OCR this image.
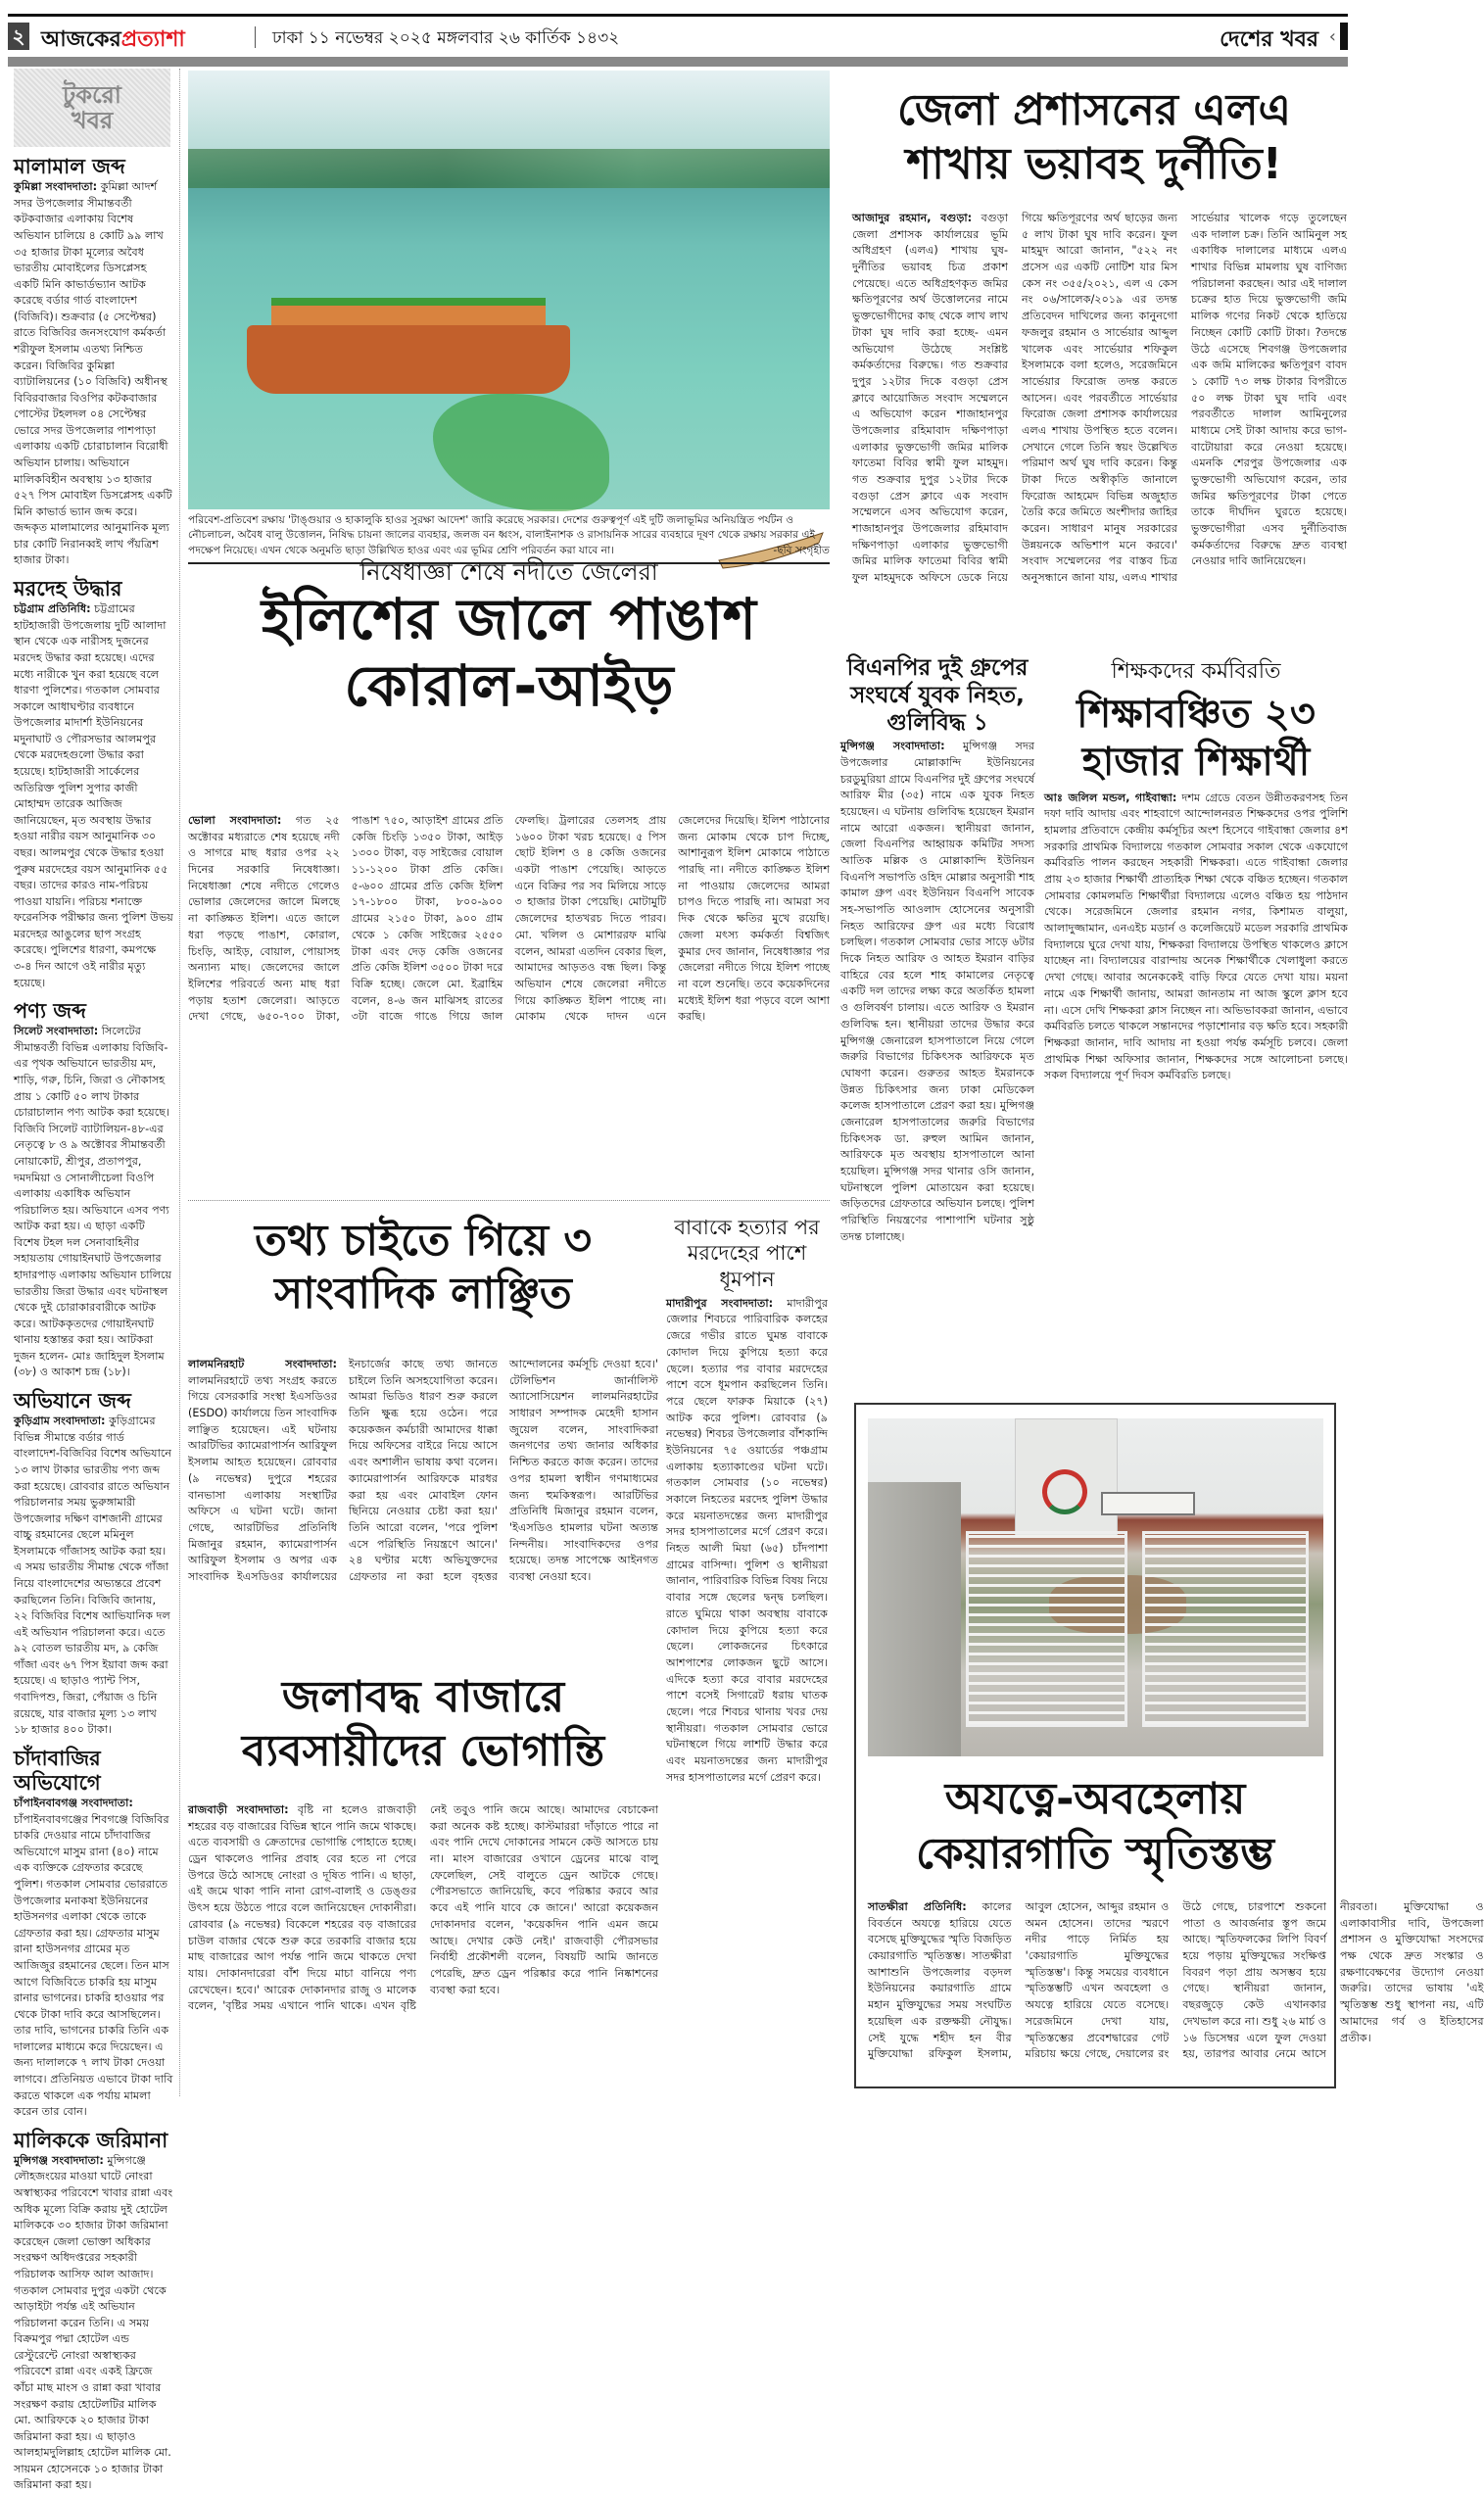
২ আজকেরপ্রত্যাশা	ঢাকা ১১ নভেম্বর ২০২৫ মঙ্গলবার ২৬ কার্তিক ১৪৩২	দেশের খবর ‹
টুকরো
খবর
মালামাল জব্দ

কুমিল্লা সংবাদদাতা: কুমিল্লা আদর্শ সদর উপজেলার সীমান্তবর্তী কটকবাজার এলাকায় বিশেষ অভিযান চালিয়ে ৪ কোটি ৯৯ লাখ ৩৫ হাজার টাকা মূল্যের অবৈধ ভারতীয় মোবাইলের ডিসপ্লেসহ একটি মিনি কাভার্ডভ্যান আটক করেছে বর্ডার গার্ড বাংলাদেশ (বিজিবি)। শুক্রবার (৫ সেপ্টেম্বর) রাতে বিজিবির জনসংযোগ কর্মকর্তা শরীফুল ইসলাম এতথ্য নিশ্চিত করেন। বিজিবির কুমিল্লা ব্যাটালিয়নের (১০ বিজিবি) অধীনস্থ বিবিরবাজার বিওপির কটকবাজার পোস্টের টহলদল ০৪ সেপ্টেম্বর ভোরে সদর উপজেলার পাশপাড়া এলাকায় একটি চোরাচালান বিরোধী অভিযান চালায়। অভিযানে মালিকবিহীন অবস্থায় ১৩ হাজার ৫২৭ পিস মোবাইল ডিসপ্লেসহ একটি মিনি কাভার্ড ভ্যান জব্দ করে। জব্দকৃত মালামালের আনুমানিক মূল্য চার কোটি নিরানব্বই লাখ পঁয়ত্রিশ হাজার টাকা।

মরদেহ উদ্ধার

চট্টগ্রাম প্রতিনিধি: চট্টগ্রামের হাটহাজারী উপজেলায় দুটি আলাদা স্থান থেকে এক নারীসহ দুজনের মরদেহ উদ্ধার করা হয়েছে। এদের মধ্যে নারীকে খুন করা হয়েছে বলে ধারণা পুলিশের। গতকাল সোমবার সকালে আধাঘণ্টার ব্যবধানে উপজেলার মাদার্শা ইউনিয়নের মদুনাঘাট ও পৌরসভার আলমপুর থেকে মরদেহগুলো উদ্ধার করা হয়েছে। হাটহাজারী সার্কেলের অতিরিক্ত পুলিশ সুপার কাজী মোহাম্মদ তারেক আজিজ জানিয়েছেন, মৃত অবস্থায় উদ্ধার হওয়া নারীর বয়স আনুমানিক ৩০ বছর। আলমপুর থেকে উদ্ধার হওয়া পুরুষ মরদেহের বয়স আনুমানিক ৫৫ বছর। তাদের কারও নাম-পরিচয় পাওয়া যায়নি। পরিচয় শনাক্তে ফরেনসিক পরীক্ষার জন্য পুলিশ উভয় মরদেহর আঙুলের ছাপ সংগ্রহ করেছে। পুলিশের ধারণা, কমপক্ষে ৩-৪ দিন আগে ওই নারীর মৃত্যু হয়েছে।

পণ্য জব্দ

সিলেট সংবাদদাতা: সিলেটের সীমান্তবর্তী বিভিন্ন এলাকায় বিজিবি-এর পৃথক অভিযানে ভারতীয় মদ, শাড়ি, গরু, চিনি, জিরা ও নৌকাসহ প্রায় ১ কোটি ৫০ লাখ টাকার চোরাচালান পণ্য আটক করা হয়েছে। বিজিবি সিলেট ব্যাটালিয়ন-৪৮-এর নেতৃত্বে ৮ ও ৯ অক্টোবর সীমান্তবর্তী নোয়াকোট, শ্রীপুর, প্রতাপপুর, দমদমিয়া ও সোনালীচেলা বিওপি এলাকায় একাধিক অভিযান পরিচালিত হয়। অভিযানে এসব পণ্য আটক করা হয়। এ ছাড়া একটি বিশেষ টহল দল সেনাবাহিনীর সহায়তায় গোয়াইনঘাট উপজেলার হাদারপাড় এলাকায় অভিযান চালিয়ে ভারতীয় জিরা উদ্ধার এবং ঘটনাস্থল থেকে দুই চোরাকারবারীকে আটক করে। আটককৃতদের গোয়াইনঘাট থানায় হস্তান্তর করা হয়। আটকরা দুজন হলেন- মোঃ জাহিদুল ইসলাম (৩৮) ও আকাশ চন্দ্র (১৮)।

অভিযানে জব্দ

কুড়িগ্রাম সংবাদদাতা: কুড়িগ্রামের বিভিন্ন সীমান্তে বর্ডার গার্ড বাংলাদেশ-বিজিবির বিশেষ অভিযানে ১৩ লাখ টাকার ভারতীয় পণ্য জব্দ করা হয়েছে। রোববার রাতে অভিযান পরিচালনার সময় ভুরুঙ্গামারী উপজেলার দক্ষিণ বাশজানী গ্রামের বাচ্চু রহমানের ছেলে মমিনুল ইসলামকে গাঁজাসহ আটক করা হয়। এ সময় ভারতীয় সীমান্ত থেকে গাঁজা নিয়ে বাংলাদেশের অভ্যন্তরে প্রবেশ করছিলেন তিনি। বিজিবি জানায়, ২২ বিজিবির বিশেষ আভিযানিক দল এই অভিযান পরিচালনা করে। এতে ৯২ বোতল ভারতীয় মদ, ৯ কেজি গাঁজা এবং ৬৭ পিস ইয়াবা জব্দ করা হয়েছে। এ ছাড়াও প্যান্ট পিস, গবাদিপশু, জিরা, পেঁয়াজ ও চিনি রয়েছে, যার বাজার মূল্য ১৩ লাখ ১৮ হাজার ৪০০ টাকা।

চাঁদাবাজির অভিযোগে

চাঁপাইনবাবগঞ্জ সংবাদদাতা: চাঁপাইনবাবগঞ্জের শিবগঞ্জে বিজিবির চাকরি দেওয়ার নামে চাঁদাবাজির অভিযোগে মাসুম রানা (৪০) নামে এক ব্যক্তিকে গ্রেফতার করেছে পুলিশ। গতকাল সোমবার ভোররাতে উপজেলার মনাকষা ইউনিয়নের হাউসনগর এলাকা থেকে তাকে গ্রেফতার করা হয়। গ্রেফতার মাসুম রানা হাউসনগর গ্রামের মৃত আজিজুর রহমানের ছেলে। তিন মাস আগে বিজিবিতে চাকরি হয় মাসুম রানার ভাগনের। চাকরি হাওয়ার পর থেকে টাকা দাবি করে আসছিলেন। তার দাবি, ভাগনের চাকরি তিনি এক দালালের মাধ্যমে করে দিয়েছেন। এ জন্য দালালকে ৭ লাখ টাকা দেওয়া লাগবে। প্রতিনিয়ত এভাবে টাকা দাবি করতে থাকলে এক পর্যায় মামলা করেন তার বোন।

মালিককে জরিমানা

মুন্সিগঞ্জ সংবাদদাতা: মুন্সিগঞ্জে লৌহজংয়ের মাওয়া ঘাটে নোংরা অস্বাস্থ্যকর পরিবেশে খাবার রান্না এবং অধিক মূল্যে বিক্রি করায় দুই হোটেল মালিককে ৩০ হাজার টাকা জরিমানা করেছেন জেলা ভোক্তা অধিকার সংরক্ষণ অধিদপ্তরের সহকারী পরিচালক আসিফ আল আজাদ। গতকাল সোমবার দুপুর একটা থেকে আড়াইটা পর্যন্ত এই অভিযান পরিচালনা করেন তিনি। এ সময় বিক্রমপুর পদ্মা হোটেল এন্ড রেস্টুরেন্টে নোংরা অস্বাস্থ্যকর পরিবেশে রান্না এবং একই ফ্রিজে কাঁচা মাছ মাংস ও রান্না করা খাবার সংরক্ষণ করায় হোটেলটির মালিক মো. আরিফকে ২০ হাজার টাকা জরিমানা করা হয়। এ ছাড়াও আলহামদুলিল্লাহ হোটেল মালিক মো. সায়মন হোসেনকে ১০ হাজার টাকা জরিমানা করা হয়।

পরিবেশ-প্রতিবেশ রক্ষায় 'টাঙ্গুয়ার ও হাকালুকি হাওর সুরক্ষা আদেশ' জারি করেছে সরকার। দেশের গুরুত্বপূর্ণ এই দুটি জলাভূমির অনিয়ন্ত্রিত পর্যটন ও নৌচলাচল, অবৈধ বালু উত্তোলন, নিষিদ্ধ চায়না জালের ব্যবহার, জলজ বন ধ্বংস, বালাইনাশক ও রাসায়নিক সারের ব্যবহারে দূষণ থেকে রক্ষায় সরকার এই পদক্ষেপ নিয়েছে। এখন থেকে অনুমতি ছাড়া উল্লিখিত হাওর এবং এর ভূমির শ্রেণি পরিবর্তন করা যাবে না।	-ছবি সংগৃহীত
নিষেধাজ্ঞা শেষে নদীতে জেলেরা
ইলিশের জালে পাঙাশ কোরাল-আইড়
ভোলা সংবাদদাতা: গত ২৫ অক্টোবর মধ্যরাতে শেষ হয়েছে নদী ও সাগরে মাছ ধরার ওপর ২২ দিনের সরকারি নিষেধাজ্ঞা। নিষেধাজ্ঞা শেষে নদীতে গেলেও ভোলার জেলেদের জালে মিলছে না কাঙ্ক্ষিত ইলিশ। এতে জালে ধরা পড়ছে পাঙাশ, কোরাল, চিংড়ি, আইড়, বোয়াল, পোয়াসহ অন্যান্য মাছ। জেলেদের জালে ইলিশের পরিবর্তে অন্য মাছ ধরা পড়ায় হতাশ জেলেরা। আড়তে দেখা গেছে, ৬৫০-৭০০ টাকা, পাঙাশ ৭৫০, আড়াইশ গ্রামের প্রতি কেজি চিংড়ি ১৩৫০ টাকা, আইড় ১৩০০ টাকা, বড় সাইজের বোয়াল ১১-১২০০ টাকা প্রতি কেজি। ৫-৬০০ গ্রামের প্রতি কেজি ইলিশ ১৭-১৮০০ টাকা, ৮০০-৯০০ গ্রামের ২১৫০ টাকা, ৯০০ গ্রাম থেকে ১ কেজি সাইজের ২৫৫০ টাকা এবং দেড় কেজি ওজনের প্রতি কেজি ইলিশ ৩৫০০ টাকা দরে বিক্রি হচ্ছে। জেলে মো. ইব্রাহিম বলেন, ৪-৬ জন মাঝিসহ রাতের ৩টা বাজে গাঙে গিয়ে জাল ফেলছি। ট্রলারের তেলসহ প্রায় ১৬০০ টাকা খরচ হয়েছে। ৫ পিস ছোট ইলিশ ও ৪ কেজি ওজনের একটা পাঙাশ পেয়েছি। আড়তে এনে বিক্রির পর সব মিলিয়ে সাড়ে ৩ হাজার টাকা পেয়েছি। মোটামুটি জেলেদের হাতখরচ দিতে পারব। মো. খলিল ও মোশাররফ মাঝি বলেন, আমরা এতদিন বেকার ছিল, আমাদের আড়তও বন্ধ ছিল। কিন্তু অভিযান শেষে জেলেরা নদীতে গিয়ে কাঙ্ক্ষিত ইলিশ পাচ্ছে না। মোকাম থেকে দাদন এনে জেলেদের দিয়েছি। ইলিশ পাঠানোর জন্য মোকাম থেকে চাপ দিচ্ছে, আশানুরূপ ইলিশ মোকামে পাঠাতে পারছি না। নদীতে কাঙ্ক্ষিত ইলিশ না পাওয়ায় জেলেদের আমরা চাপও দিতে পারছি না। আমরা সব দিক থেকে ক্ষতির মুখে রয়েছি। জেলা মৎস্য কর্মকর্তা বিশ্বজিৎ কুমার দেব জানান, নিষেধাজ্ঞার পর জেলেরা নদীতে গিয়ে ইলিশ পাচ্ছে না বলে শুনেছি। তবে কয়েকদিনের মধ্যেই ইলিশ ধরা পড়বে বলে আশা করছি।
তথ্য চাইতে গিয়ে ৩ সাংবাদিক লাঞ্ছিত
লালমনিরহাট সংবাদদাতা: লালমনিরহাটে তথ্য সংগ্রহ করতে গিয়ে বেসরকারি সংস্থা ইএসডিওর (ESDO) কার্যালয়ে তিন সাংবাদিক লাঞ্ছিত হয়েছেন। এই ঘটনায় আরটিভির ক্যামেরাপার্সন আরিফুল ইসলাম আহত হয়েছেন। রোববার (৯ নভেম্বর) দুপুরে শহরের বানভাসা এলাকায় সংস্থাটির অফিসে এ ঘটনা ঘটে। জানা গেছে, আরটিভির প্রতিনিধি মিজানুর রহমান, ক্যামেরাপার্সন আরিফুল ইসলাম ও অপর এক সাংবাদিক ইএসডিওর কার্যালয়ের ইনচার্জের কাছে তথ্য জানতে চাইলে তিনি অসহযোগিতা করেন। আমরা ভিডিও ধারণ শুরু করলে তিনি ক্ষুব্ধ হয়ে ওঠেন। পরে কয়েকজন কর্মচারী আমাদের ধাক্কা দিয়ে অফিসের বাইরে নিয়ে আসে এবং অশালীন ভাষায় কথা বলেন। ক্যামেরাপার্সন আরিফকে মারধর করা হয় এবং মোবাইল ফোন ছিনিয়ে নেওয়ার চেষ্টা করা হয়।' তিনি আরো বলেন, 'পরে পুলিশ এসে পরিস্থিতি নিয়ন্ত্রণে আনে।' ২৪ ঘণ্টার মধ্যে অভিযুক্তদের গ্রেফতার না করা হলে বৃহত্তর আন্দোলনের কর্মসূচি দেওয়া হবে।' টেলিভিশন জার্নালিস্ট অ্যাসোসিয়েশন লালমনিরহাটের সাধারণ সম্পাদক মেহেদী হাসান জুয়েল বলেন, সাংবাদিকরা জনগণের তথ্য জানার অধিকার নিশ্চিত করতে কাজ করেন। তাদের ওপর হামলা স্বাধীন গণমাধ্যমের জন্য হুমকিস্বরূপ। আরটিভির প্রতিনিধি মিজানুর রহমান বলেন, 'ইএসডিও হামলার ঘটনা অত্যন্ত নিন্দনীয়। সাংবাদিকদের ওপর হয়েছে। তদন্ত সাপেক্ষে আইনগত ব্যবস্থা নেওয়া হবে।
বাবাকে হত্যার পর মরদেহের পাশে ধূমপান

মাদারীপুর সংবাদদাতা: মাদারীপুর জেলার শিবচরে পারিবারিক কলহের জেরে গভীর রাতে ঘুমন্ত বাবাকে কোদাল দিয়ে কুপিয়ে হত্যা করে ছেলে। হত্যার পর বাবার মরদেহের পাশে বসে ধূমপান করছিলেন তিনি। পরে ছেলে ফারুক মিয়াকে (২৭) আটক করে পুলিশ। রোববার (৯ নভেম্বর) শিবচর উপজেলার বাঁশকান্দি ইউনিয়নের ৭৫ ওয়ার্ডের পঞ্চগ্রাম এলাকায় হত্যাকাণ্ডের ঘটনা ঘটে। গতকাল সোমবার (১০ নভেম্বর) সকালে নিহতের মরদেহ পুলিশ উদ্ধার করে ময়নাতদন্তের জন্য মাদারীপুর সদর হাসপাতালের মর্গে প্রেরণ করে। নিহত আলী মিয়া (৬৫) চাঁদপাশা গ্রামের বাসিন্দা। পুলিশ ও স্থানীয়রা জানান, পারিবারিক বিভিন্ন বিষয় নিয়ে বাবার সঙ্গে ছেলের দ্বন্দ্ব চলছিল। রাতে ঘুমিয়ে থাকা অবস্থায় বাবাকে কোদাল দিয়ে কুপিয়ে হত্যা করে ছেলে। লোকজনের চিৎকারে আশপাশের লোকজন ছুটে আসে। এদিকে হত্যা করে বাবার মরদেহের পাশে বসেই সিগারেট ধরায় ঘাতক ছেলে। পরে শিবচর থানায় খবর দেয় স্থানীয়রা। গতকাল সোমবার ভোরে ঘটনাস্থলে গিয়ে লাশটি উদ্ধার করে এবং ময়নাতদন্তের জন্য মাদারীপুর সদর হাসপাতালের মর্গে প্রেরণ করে।

জলাবদ্ধ বাজারে ব্যবসায়ীদের ভোগান্তি
রাজবাড়ী সংবাদদাতা: বৃষ্টি না হলেও রাজবাড়ী শহরের বড় বাজারের বিভিন্ন স্থানে পানি জমে থাকছে। এতে ব্যবসায়ী ও ক্রেতাদের ভোগান্তি পোহাতে হচ্ছে। ড্রেন থাকলেও পানির প্রবাহ বের হতে না পেরে উপরে উঠে আসছে নোংরা ও দূষিত পানি। এ ছাড়া, এই জমে থাকা পানি নানা রোগ-বালাই ও ডেঙ্গুর উৎস হয়ে উঠতে পারে বলে জানিয়েছেন দোকানীরা। রোববার (৯ নভেম্বর) বিকেলে শহরের বড় বাজারের চাউল বাজার থেকে শুরু করে তরকারি বাজার হয়ে মাছ বাজারের আগ পর্যন্ত পানি জমে থাকতে দেখা যায়। দোকানদারেরা বাঁশ দিয়ে মাচা বানিয়ে পণ্য রেখেছেন। হবে।' আরেক দোকানদার রাজু ও মালেক বলেন, 'বৃষ্টির সময় এখানে পানি থাকে। এখন বৃষ্টি নেই তবুও পানি জমে আছে। আমাদের বেচাকেনা করা অনেক কষ্ট হচ্ছে। কাস্টমাররা দাঁড়াতে পারে না এবং পানি দেখে দোকানের সামনে কেউ আসতে চায় না। মাংস বাজারের ওখানে ড্রেনের মাঝে বালু ফেলেছিল, সেই বালুতে ড্রেন আটকে গেছে। পৌরসভাতে জানিয়েছি, কবে পরিষ্কার করবে আর কবে এই পানি যাবে কে জানে।' আরো কয়েকজন দোকানদার বলেন, 'কয়েকদিন পানি এমন জমে আছে। দেখার কেউ নেই।' রাজবাড়ী পৌরসভার নির্বাহী প্রকৌশলী বলেন, বিষয়টি আমি জানতে পেরেছি, দ্রুত ড্রেন পরিষ্কার করে পানি নিষ্কাশনের ব্যবস্থা করা হবে।
জেলা প্রশাসনের এলএ শাখায় ভয়াবহ দুর্নীতি!
আজাদুর রহমান, বগুড়া: বগুড়া জেলা প্রশাসক কার্যালয়ের ভূমি অধিগ্রহণ (এলএ) শাখায় ঘুষ-দুর্নীতির ভয়াবহ চিত্র প্রকাশ পেয়েছে। এতে অধিগ্রহণকৃত জমির ক্ষতিপূরণের অর্থ উত্তোলনের নামে ভুক্তভোগীদের কাছ থেকে লাখ লাখ টাকা ঘুষ দাবি করা হচ্ছে- এমন অভিযোগ উঠেছে সংশ্লিষ্ট কর্মকর্তাদের বিরুদ্ধে। গত শুক্রবার দুপুর ১২টার দিকে বগুড়া প্রেস ক্লাবে আয়োজিত সংবাদ সম্মেলনে এ অভিযোগ করেন শাজাহানপুর উপজেলার রহিমাবাদ দক্ষিণপাড়া এলাকার ভুক্তভোগী জমির মালিক ফাতেমা বিবির স্বামী ফুল মাহমুদ। গত শুক্রবার দুপুর ১২টার দিকে বগুড়া প্রেস ক্লাবে এক সংবাদ সম্মেলনে এসব অভিযোগ করেন, শাজাহানপুর উপজেলার রহিমাবাদ দক্ষিণপাড়া এলাকার ভুক্তভোগী জমির মালিক ফাতেমা বিবির স্বামী ফুল মাহমুদকে অফিসে ডেকে নিয়ে গিয়ে ক্ষতিপূরণের অর্থ ছাড়ের জন্য ৫ লাখ টাকা ঘুষ দাবি করেন। ফুল মাহমুদ আরো জানান, "৫২২ নং প্রসেস এর একটি নোটিশ যার মিস কেস নং ৩৫৫/২০২১, এল এ কেস নং ০৬/সালেক/২০১৯ এর তদন্ত প্রতিবেদন দাখিলের জন্য কানুনগো ফজলুর রহমান ও সার্ভেয়ার আব্দুল খালেক এবং সার্ভেয়ার শফিকুল ইসলামকে বলা হলেও, সরেজমিনে সার্ভেয়ার ফিরোজ তদন্ত করতে আসেন। এবং পরবর্তীতে সার্ভেয়ার ফিরোজ জেলা প্রশাসক কার্যালয়ের এলএ শাখায় উপস্থিত হতে বলেন। সেখানে গেলে তিনি স্বয়ং উল্লেখিত পরিমাণ অর্থ ঘুষ দাবি করেন। কিন্তু টাকা দিতে অস্বীকৃতি জানালে ফিরোজ আহমেদ বিভিন্ন অজুহাত তৈরি করে জমিতে অংশীদার জাহির করেন। সাধারণ মানুষ সরকারের উন্নয়নকে অভিশাপ মনে করবে।' সংবাদ সম্মেলনের পর বাস্তব চিত্র অনুসন্ধানে জানা যায়, এলএ শাখার সার্ভেয়ার খালেক গড়ে তুলেছেন এক দালাল চক্র। তিনি আমিনুল সহ একাধিক দালালের মাধ্যমে এলএ শাখার বিভিন্ন মামলায় ঘুষ বাণিজ্য পরিচালনা করছেন। আর এই দালাল চক্রের হাত দিয়ে ভুক্তভোগী জমি মালিক গণের নিকট থেকে হাতিয়ে নিচ্ছেন কোটি কোটি টাকা। ?তদন্তে উঠে এসেছে শিবগঞ্জ উপজেলার এক জমি মালিকের ক্ষতিপূরণ বাবদ ১ কোটি ৭৩ লক্ষ টাকার বিপরীতে ৫০ লক্ষ টাকা ঘুষ দাবি এবং পরবর্তীতে দালাল আমিনুলের মাধ্যমে সেই টাকা আদায় করে ভাগ-বাটোয়ারা করে নেওয়া হয়েছে। এমনকি শেরপুর উপজেলার এক ভুক্তভোগী অভিযোগ করেন, তার জমির ক্ষতিপূরণের টাকা পেতে তাকে দীর্ঘদিন ঘুরতে হয়েছে। ভুক্তভোগীরা এসব দুর্নীতিবাজ কর্মকর্তাদের বিরুদ্ধে দ্রুত ব্যবস্থা নেওয়ার দাবি জানিয়েছেন।
বিএনপির দুই গ্রুপের সংঘর্ষে যুবক নিহত, গুলিবিদ্ধ ১

মুন্সিগঞ্জ সংবাদদাতা: মুন্সিগঞ্জ সদর উপজেলার মোল্লাকান্দি ইউনিয়নের চরডুমুরিয়া গ্রামে বিএনপির দুই গ্রুপের সংঘর্ষে আরিফ মীর (৩৫) নামে এক যুবক নিহত হয়েছেন। এ ঘটনায় গুলিবিদ্ধ হয়েছেন ইমরান নামে আরো একজন। স্থানীয়রা জানান, জেলা বিএনপির আহ্বায়ক কমিটির সদস্য আতিক মল্লিক ও মোল্লাকান্দি ইউনিয়ন বিএনপি সভাপতি ওহিদ মোল্লার অনুসারী শাহ কামাল গ্রুপ এবং ইউনিয়ন বিএনপি সাবেক সহ-সভাপতি আওলাদ হোসেনের অনুসারী নিহত আরিফের গ্রুপ এর মধ্যে বিরোধ চলছিল। গতকাল সোমবার ভোর সাড়ে ৬টার দিকে নিহত আরিফ ও আহত ইমরান বাড়ির বাহিরে বের হলে শাহ কামালের নেতৃত্বে একটি দল তাদের লক্ষ্য করে অতর্কিত হামলা ও গুলিবর্ষণ চালায়। এতে আরিফ ও ইমরান গুলিবিদ্ধ হন। স্থানীয়রা তাদের উদ্ধার করে মুন্সিগঞ্জ জেনারেল হাসপাতালে নিয়ে গেলে জরুরি বিভাগের চিকিৎসক আরিফকে মৃত ঘোষণা করেন। গুরুতর আহত ইমরানকে উন্নত চিকিৎসার জন্য ঢাকা মেডিকেল কলেজ হাসপাতালে প্রেরণ করা হয়। মুন্সিগঞ্জ জেনারেল হাসপাতালের জরুরি বিভাগের চিকিৎসক ডা. রুহুল আমিন জানান, আরিফকে মৃত অবস্থায় হাসপাতালে আনা হয়েছিল। মুন্সিগঞ্জ সদর থানার ওসি জানান, ঘটনাস্থলে পুলিশ মোতায়েন করা হয়েছে। জড়িতদের গ্রেফতারে অভিযান চলছে। পুলিশ পরিস্থিতি নিয়ন্ত্রণের পাশাপাশি ঘটনার সুষ্ঠু তদন্ত চালাচ্ছে।

শিক্ষকদের কর্মবিরতি
শিক্ষাবঞ্চিত ২৩ হাজার শিক্ষার্থী

আঃ জলিল মন্ডল, গাইবান্ধা: দশম গ্রেডে বেতন উন্নীতকরণসহ তিন দফা দাবি আদায় এবং শাহবাগে আন্দোলনরত শিক্ষকদের ওপর পুলিশি হামলার প্রতিবাদে কেন্দ্রীয় কর্মসূচির অংশ হিসেবে গাইবান্ধা জেলার ৪শ সরকারি প্রাথমিক বিদ্যালয়ে গতকাল সোমবার সকাল থেকে একযোগে কর্মবিরতি পালন করছেন সহকারী শিক্ষকরা। এতে গাইবান্ধা জেলার প্রায় ২৩ হাজার শিক্ষার্থী প্রাত্যহিক শিক্ষা থেকে বঞ্চিত হচ্ছেন। গতকাল সোমবার কোমলমতি শিক্ষার্থীরা বিদ্যালয়ে এলেও বঞ্চিত হয় পাঠদান থেকে। সরেজমিনে জেলার রহমান নগর, কিশামত বালুয়া, আলাদুজ্জামান, এনএইচ মডার্ন ও কলেজিয়েট মডেল সরকারি প্রাথমিক বিদ্যালয়ে ঘুরে দেখা যায়, শিক্ষকরা বিদ্যালয়ে উপস্থিত থাকলেও ক্লাসে যাচ্ছেন না। বিদ্যালয়ের বারান্দায় অনেক শিক্ষার্থীকে খেলাধুলা করতে দেখা গেছে। আবার অনেককেই বাড়ি ফিরে যেতে দেখা যায়। ময়না নামে এক শিক্ষার্থী জানায়, আমরা জানতাম না আজ স্কুলে ক্লাস হবে না। এসে দেখি শিক্ষকরা ক্লাস নিচ্ছেন না। অভিভাবকরা জানান, এভাবে কর্মবিরতি চলতে থাকলে সন্তানদের পড়াশোনার বড় ক্ষতি হবে। সহকারী শিক্ষকরা জানান, দাবি আদায় না হওয়া পর্যন্ত কর্মসূচি চলবে। জেলা প্রাথমিক শিক্ষা অফিসার জানান, শিক্ষকদের সঙ্গে আলোচনা চলছে। সকল বিদ্যালয়ে পূর্ণ দিবস কর্মবিরতি চলছে।

অযত্নে-অবহেলায় কেয়ারগাতি স্মৃতিস্তম্ভ
সাতক্ষীরা প্রতিনিধি: কালের বিবর্তনে অযত্নে হারিয়ে যেতে বসেছে মুক্তিযুদ্ধের স্মৃতি বিজড়িত কেয়ারগাতি স্মৃতিস্তম্ভ। সাতক্ষীরা আশাশুনি উপজেলার বড়দল ইউনিয়নের কয়ারগাতি গ্রামে মহান মুক্তিযুদ্ধের সময় সংঘটিত হয়েছিল এক রক্তক্ষয়ী নৌযুদ্ধ। সেই যুদ্ধে শহীদ হন বীর মুক্তিযোদ্ধা রফিকুল ইসলাম, আবুল হোসেন, আব্দুর রহমান ও অমন হোসেন। তাদের স্মরণে নদীর পাড়ে নির্মিত হয় 'কেয়ারগাতি মুক্তিযুদ্ধের স্মৃতিস্তম্ভ'। কিন্তু সময়ের ব্যবধানে স্মৃতিস্তম্ভটি এখন অবহেলা ও অযত্নে হারিয়ে যেতে বসেছে। সরেজমিনে দেখা যায়, স্মৃতিস্তম্ভের প্রবেশদ্বারের গেট মরিচায় ক্ষয়ে গেছে, দেয়ালের রং উঠে গেছে, চারপাশে শুকনো পাতা ও আবর্জনার স্তূপ জমে আছে। স্মৃতিফলকের লিপি বিবর্ণ হয়ে পড়ায় মুক্তিযুদ্ধের সংক্ষিপ্ত বিবরণ পড়া প্রায় অসম্ভব হয়ে গেছে। স্থানীয়রা জানান, বছরজুড়ে কেউ এখানকার দেখভাল করে না। শুধু ২৬ মার্চ ও ১৬ ডিসেম্বর এলে ফুল দেওয়া হয়, তারপর আবার নেমে আসে নীরবতা। মুক্তিযোদ্ধা ও এলাকাবাসীর দাবি, উপজেলা প্রশাসন ও মুক্তিযোদ্ধা সংসদের পক্ষ থেকে দ্রুত সংস্কার ও রক্ষণাবেক্ষণের উদ্যোগ নেওয়া জরুরি। তাদের ভাষায় 'এই স্মৃতিস্তম্ভ শুধু স্থাপনা নয়, এটি আমাদের গর্ব ও ইতিহাসের প্রতীক।
